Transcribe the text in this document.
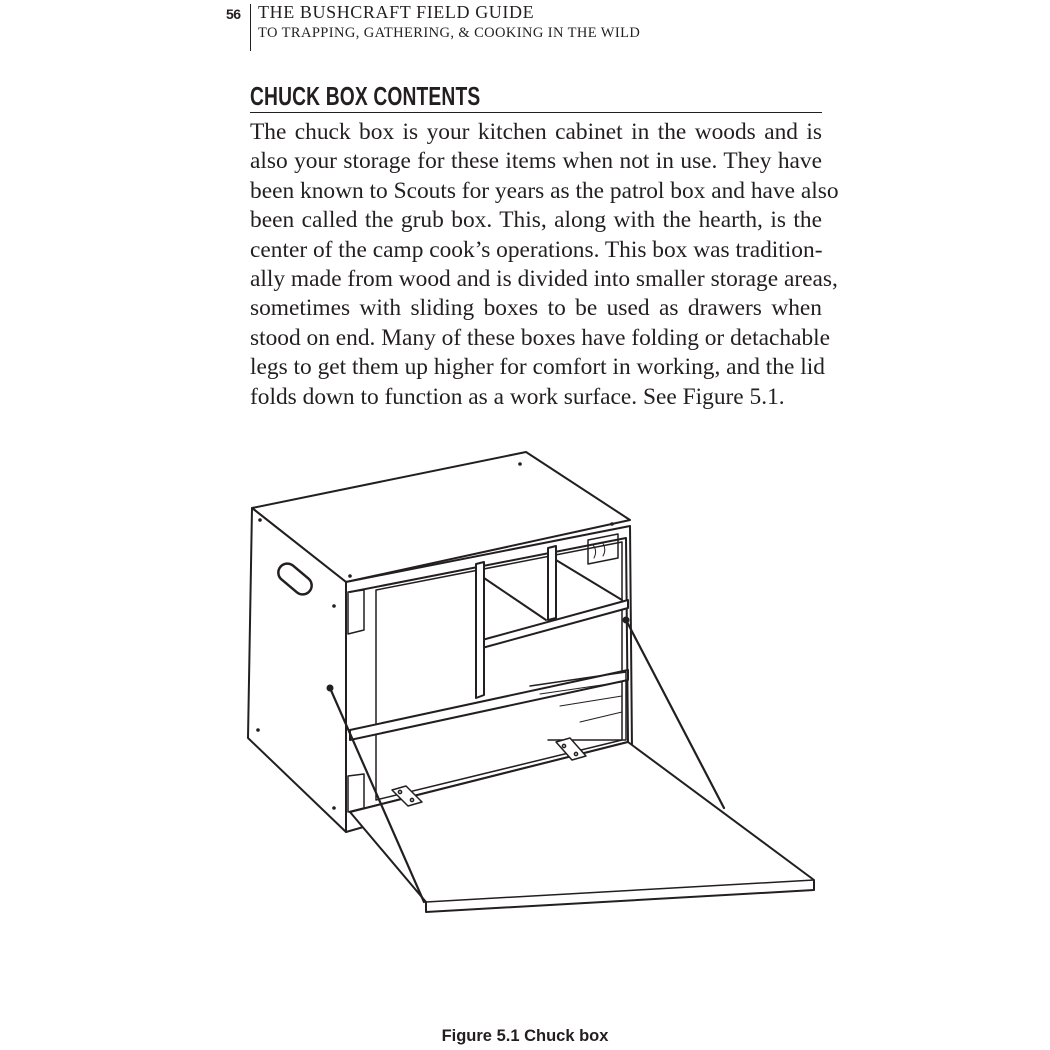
56 THE BUSHCRAFT FIELD GUIDE
TO TRAPPING, GATHERING, & COOKING IN THE WILD
CHUCK BOX CONTENTS

The chuck box is your kitchen cabinet in the woods and is
also your storage for these items when not in use. They have
been known to Scouts for years as the patrol box and have also
been called the grub box. This, along with the hearth, is the
center of the camp cook’s operations. This box was tradition-
ally made from wood and is divided into smaller storage areas,
sometimes with sliding boxes to be used as drawers when
stood on end. Many of these boxes have folding or detachable
legs to get them up higher for comfort in working, and the lid
folds down to function as a work surface. See Figure 5.1.

Figure 5.1 Chuck box
